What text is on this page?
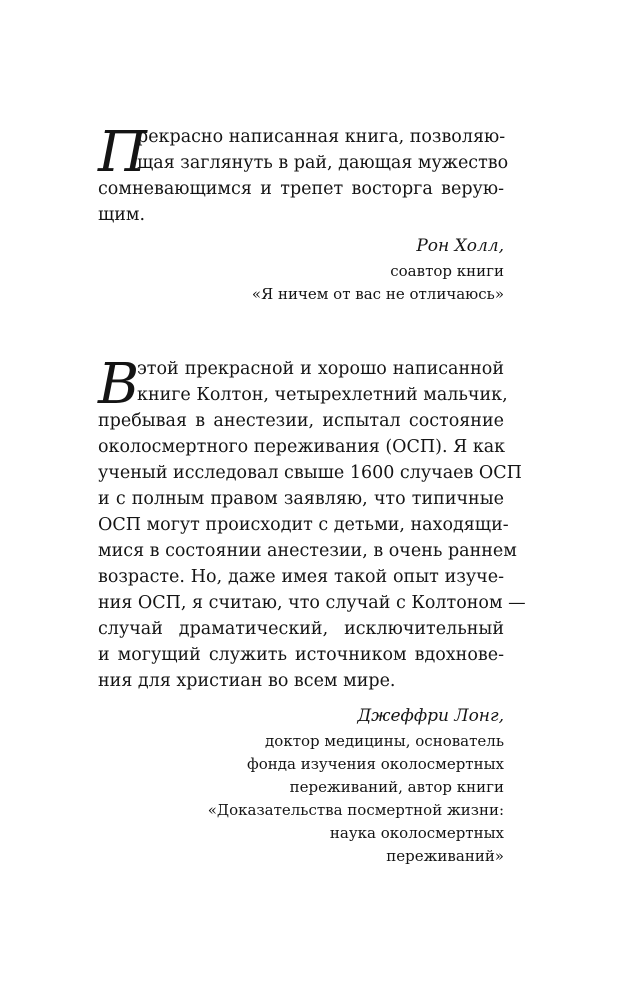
П
рекрасно написанная книга, позволяю-
щая заглянуть в рай, дающая мужество
сомневающимся и трепет восторга верую-
щим.
Рон Холл,
соавтор книги
«Я ничем от вас не отличаюсь»
В
этой прекрасной и хорошо написанной
книге Колтон, четырехлетний мальчик,
пребывая в анестезии, испытал состояние
околосмертного переживания (ОСП). Я как
ученый исследовал свыше 1600 случаев ОСП
и с полным правом заявляю, что типичные
ОСП могут происходит с детьми, находящи-
мися в состоянии анестезии, в очень раннем
возрасте. Но, даже имея такой опыт изуче-
ния ОСП, я считаю, что случай с Колтоном —
случай драматический, исключительный
и могущий служить источником вдохнове-
ния для христиан во всем мире.
Джеффри Лонг,
доктор медицины, основатель
фонда изучения околосмертных
переживаний, автор книги
«Доказательства посмертной жизни:
наука околосмертных
переживаний»
